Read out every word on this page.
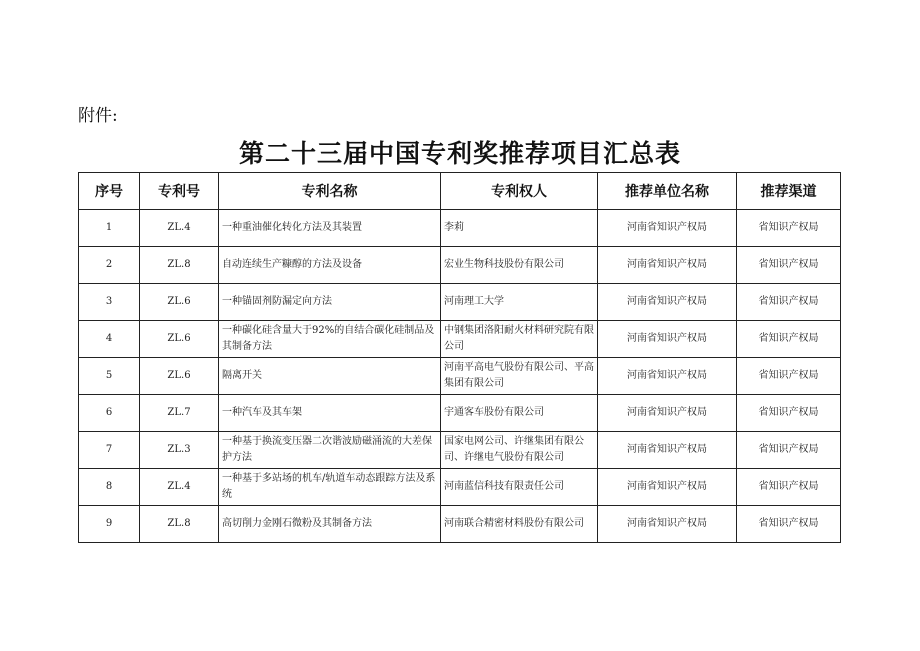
附件:
第二十三届中国专利奖推荐项目汇总表
序号	专利号	专利名称	专利权人	推荐单位名称	推荐渠道
1	ZL.4	一种重油催化转化方法及其装置	李莉	河南省知识产权局	省知识产权局
2	ZL.8	自动连续生产糠醇的方法及设备	宏业生物科技股份有限公司	河南省知识产权局	省知识产权局
3	ZL.6	一种锚固剂防漏定向方法	河南理工大学	河南省知识产权局	省知识产权局
4	ZL.6	一种碳化硅含量大于92%的自结合碳化硅制品及其制备方法	中钢集团洛阳耐火材料研究院有限公司	河南省知识产权局	省知识产权局
5	ZL.6	隔离开关	河南平高电气股份有限公司、平高集团有限公司	河南省知识产权局	省知识产权局
6	ZL.7	一种汽车及其车架	宇通客车股份有限公司	河南省知识产权局	省知识产权局
7	ZL.3	一种基于换流变压器二次谐波励磁涌流的大差保护方法	国家电网公司、许继集团有限公司、许继电气股份有限公司	河南省知识产权局	省知识产权局
8	ZL.4	一种基于多站场的机车/轨道车动态跟踪方法及系统	河南蓝信科技有限责任公司	河南省知识产权局	省知识产权局
9	ZL.8	高切削力金刚石微粉及其制备方法	河南联合精密材料股份有限公司	河南省知识产权局	省知识产权局
